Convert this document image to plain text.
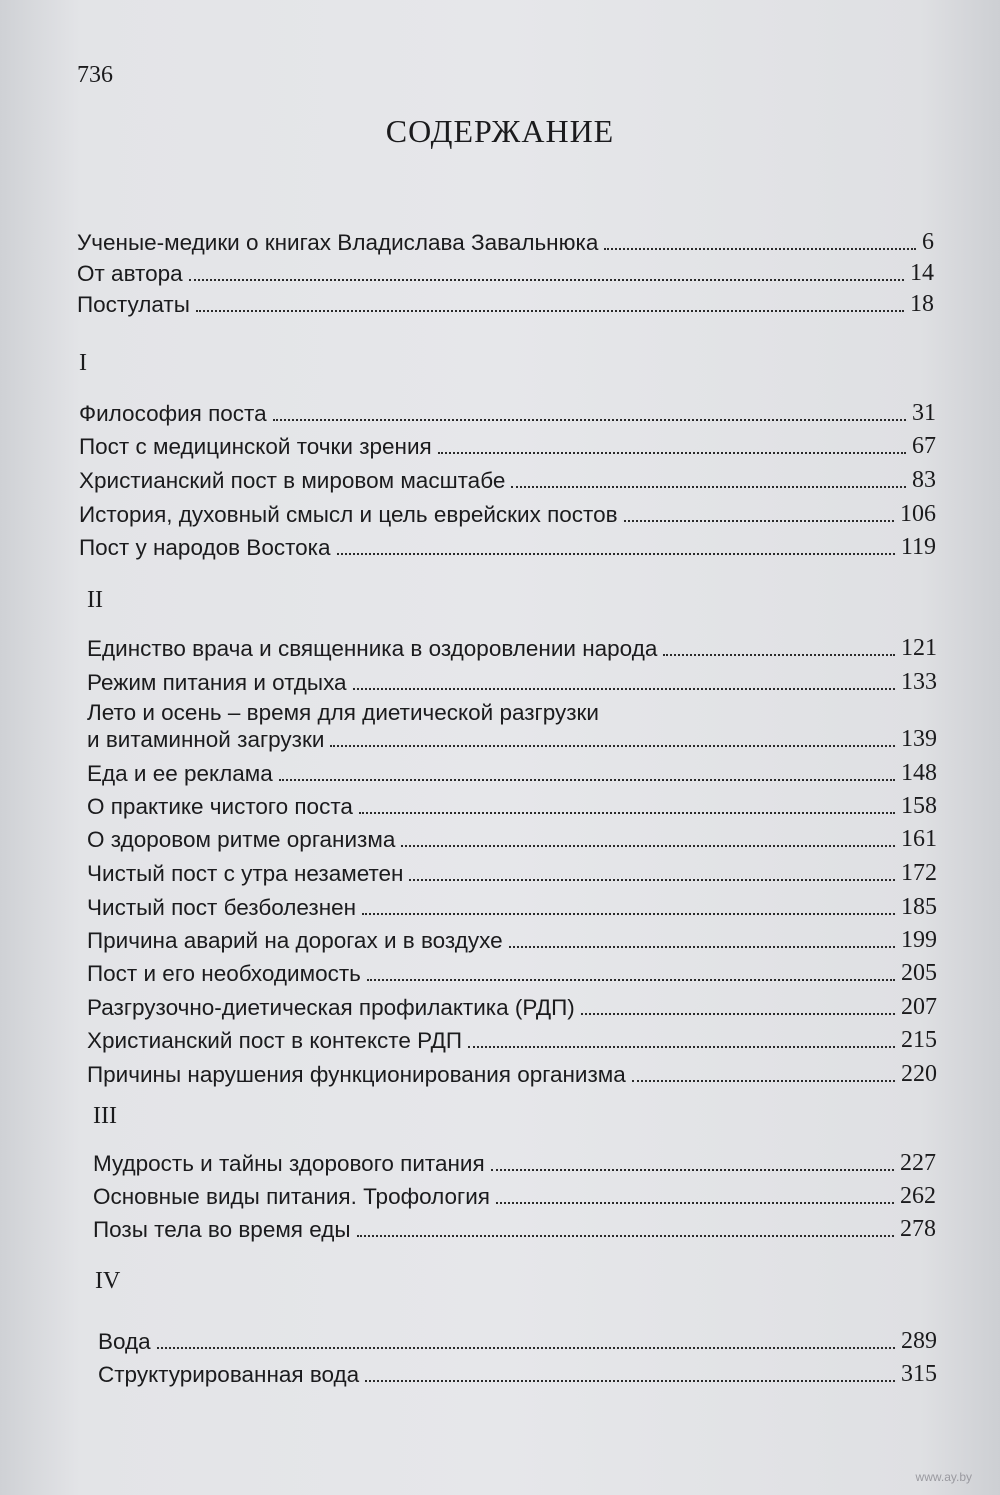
736
СОДЕРЖАНИЕ
Ученые-медики о книгах Владислава Завальнюка	6
От автора	14
Постулаты	18
I
Философия поста	31
Пост с медицинской точки зрения	67
Христианский пост в мировом масштабе	83
История, духовный смысл и цель еврейских постов	106
Пост у народов Востока	119
II
Единство врача и священника в оздоровлении народа	121
Режим питания и отдыха	133
Лето и осень – время для диетической разгрузки
и витаминной загрузки	139
Еда и ее реклама	148
О практике чистого поста	158
О здоровом ритме организма	161
Чистый пост с утра незаметен	172
Чистый пост безболезнен	185
Причина аварий на дорогах и в воздухе	199
Пост и его необходимость	205
Разгрузочно-диетическая профилактика (РДП)	207
Христианский пост в контексте РДП	215
Причины нарушения функционирования организма	220
III
Мудрость и тайны здорового питания	227
Основные виды питания. Трофология	262
Позы тела во время еды	278
IV
Вода	289
Структурированная вода	315
www.ay.by
